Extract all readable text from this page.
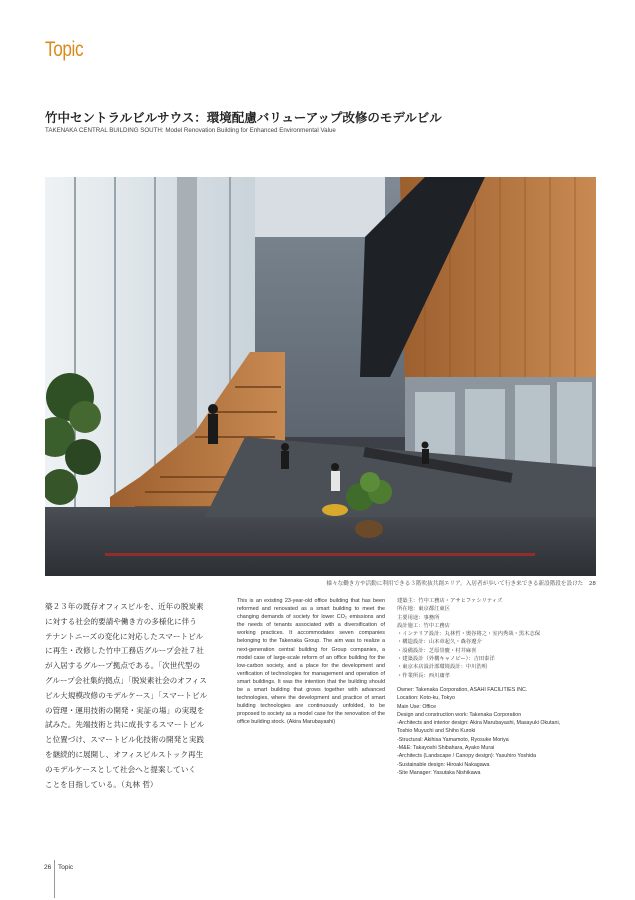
Topic
竹中セントラルビルサウス：環境配慮バリューアップ改修のモデルビル
TAKENAKA CENTRAL BUILDING SOUTH: Model Renovation Building for Enhanced Environmental Value
様々な働き方や活動に利用できる３階吹抜共創エリア。入居者が歩いて行き来できる新設階段を設けた　 28
築２３年の既存オフィスビルを、近年の脱炭素
に対する社会的要請や働き方の多様化に伴う
テナントニーズの変化に対応したスマートビル
に再生・改修した竹中工務店グループ会社７社
が入居するグループ拠点である。「次世代型の
グループ会社集約拠点」「脱炭素社会のオフィス
ビル大規模改修のモデルケース」「スマートビル
の管理・運用技術の開発・実証の場」の実現を
試みた。先端技術と共に成長するスマートビル
と位置づけ、スマートビル化技術の開発と実践
を継続的に展開し、オフィスビルストック再生
のモデルケースとして社会へと提案していく
ことを目指している。（丸林 哲）
This is an existing 23-year-old office building that has been reformed and renovated as a smart building to meet the changing demands of society for lower CO₂ emissions and the needs of tenants associated with a diversification of working practices. It accommodates seven companies belonging to the Takenaka Group. The aim was to realize a next-generation central building for Group companies, a model case of large-scale reform of an office building for the low-carbon society, and a place for the development and verification of technologies for management and operation of smart buildings. It was the intention that the building should be a smart building that grows together with advanced technologies, where the development and practice of smart building technologies are continuously unfolded, to be proposed to society as a model case for the renovation of the office building stock. (Akira Marubayashi)
建築主：竹中工務店・アサヒファシリティズ
所在地：東京都江東区
主要用途：事務所
設計施工：竹中工務店
・インテリア設計：丸林哲・奥谷将之・室内秀哉・黒木志保
・構造設計：山本章起久・森谷遼介
・設備設計：芝原崇慶・村井麻喜
・建築設計（外構キャノピー）：吉田泰洋
・東京本店設計部環境設計：中川浩明
・作業所長：西川庸孝
Owner: Takenaka Corporation, ASAHI FACILITIES INC.
Location: Koto-ku, Tokyo
Main Use: Office
Design and construction work: Takenaka Corporation
-Architects and interior design: Akira Marubayashi, Masayuki Okutani,
Toshio Muyuchi and Shiho Kuroki
-Structural: Akihisa Yamamoto, Ryosuke Moriya
-M&E: Takayoshi Shibahara, Ayako Murai
-Architects (Landscape / Canopy design): Yasuhiro Yoshida
-Sustainable design: Hiroaki Nakagawa
-Site Manager: Yasutaka Nishikawa
26 Topic
